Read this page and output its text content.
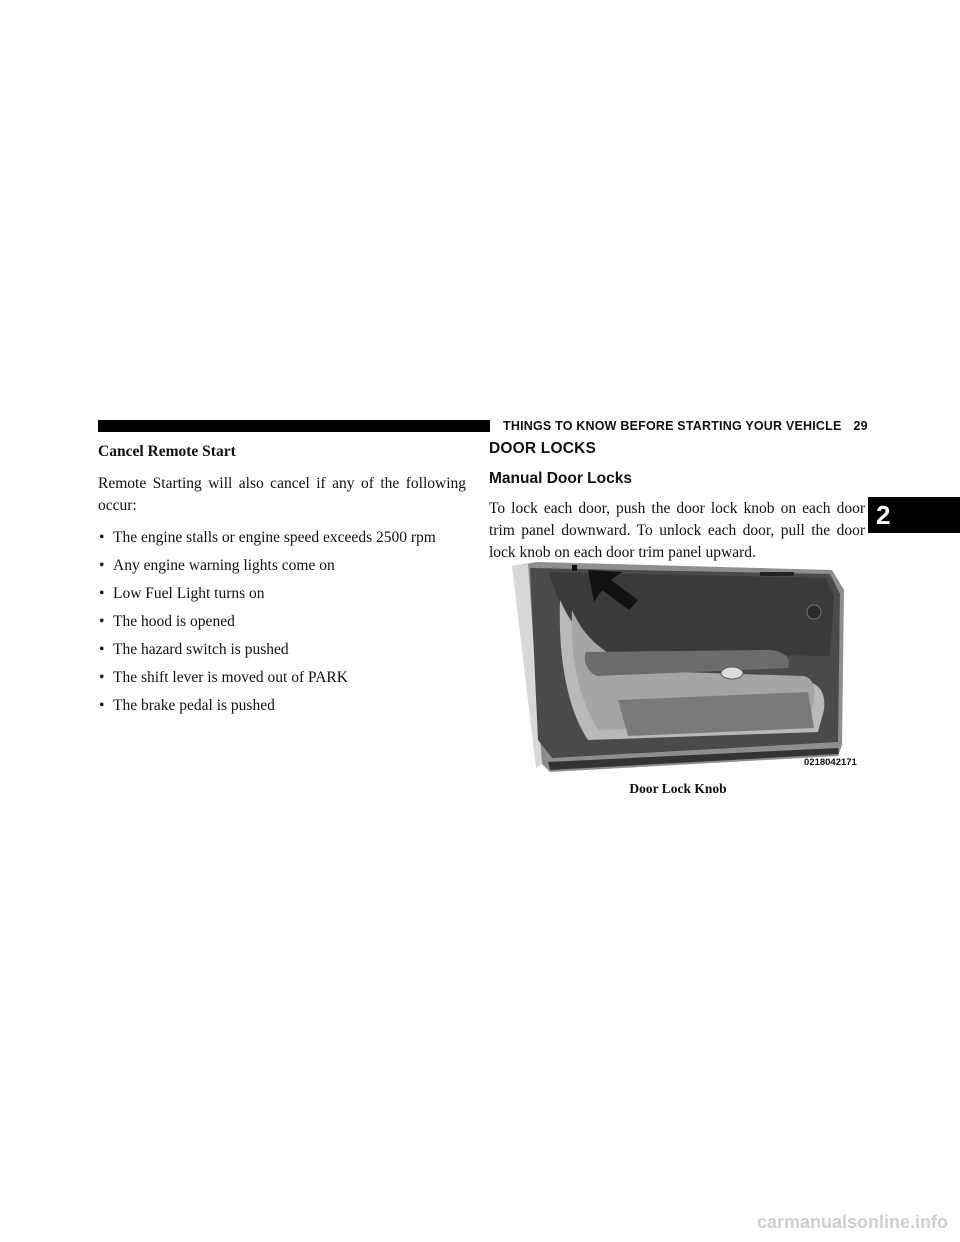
THINGS TO KNOW BEFORE STARTING YOUR VEHICLE 29
2

Cancel Remote Start

Remote Starting will also cancel if any of the following occur:

• The engine stalls or engine speed exceeds 2500 rpm
• Any engine warning lights come on
• Low Fuel Light turns on
• The hood is opened
• The hazard switch is pushed
• The shift lever is moved out of PARK
• The brake pedal is pushed

DOOR LOCKS

Manual Door Locks

To lock each door, push the door lock knob on each door trim panel downward. To unlock each door, pull the door lock knob on each door trim panel upward.

0218042171
Door Lock Knob
carmanualsonline.info
